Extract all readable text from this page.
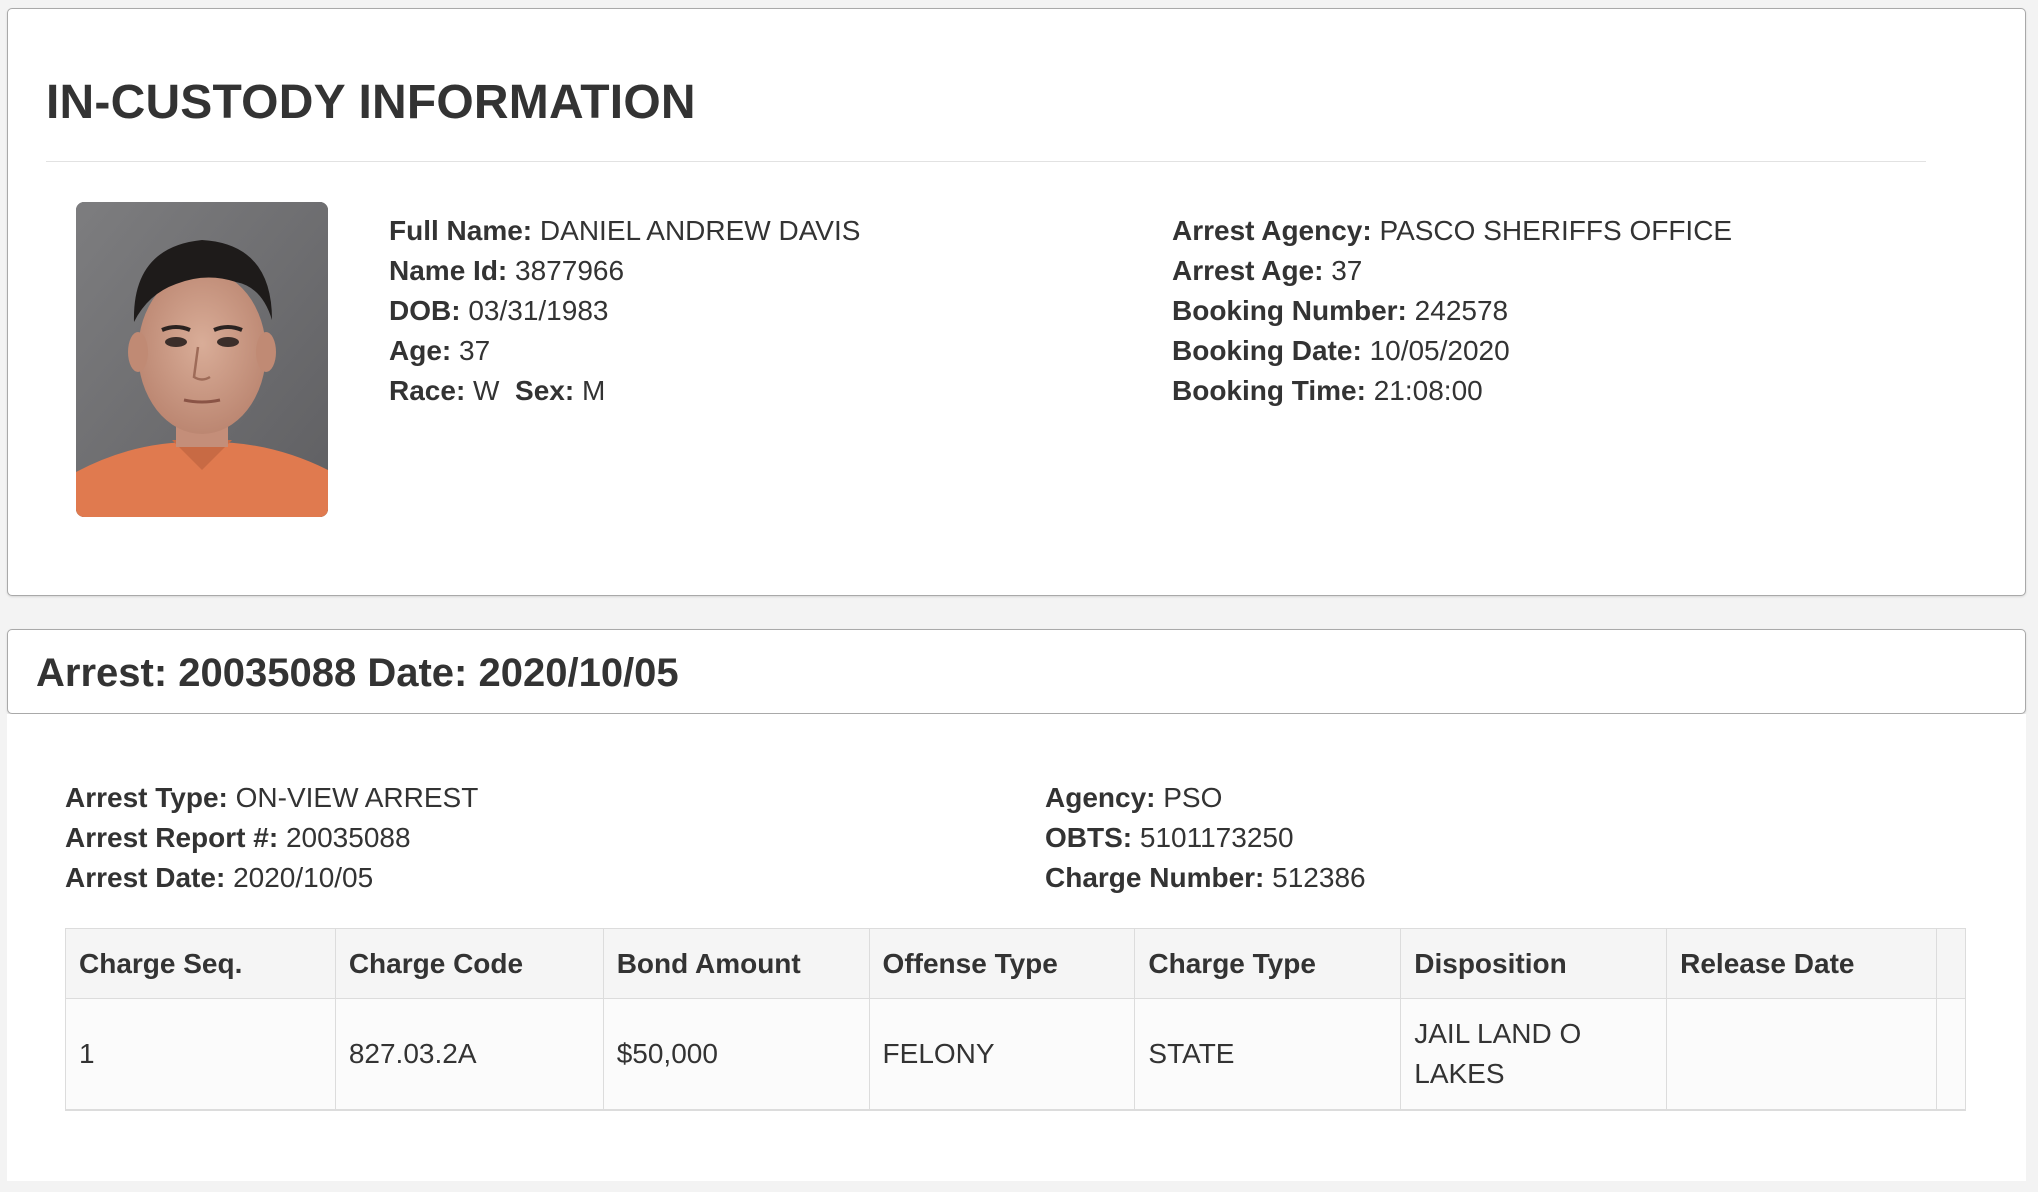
IN-CUSTODY INFORMATION
Full Name: DANIEL ANDREW DAVIS
Name Id: 3877966
DOB: 03/31/1983
Age: 37
Race: W Sex: M
Arrest Agency: PASCO SHERIFFS OFFICE
Arrest Age: 37
Booking Number: 242578
Booking Date: 10/05/2020
Booking Time: 21:08:00
Arrest: 20035088 Date: 2020/10/05
Arrest Type: ON-VIEW ARREST
Arrest Report #: 20035088
Arrest Date: 2020/10/05
Agency: PSO
OBTS: 5101173250
Charge Number: 512386
Charge Seq.	Charge Code	Bond Amount	Offense Type	Charge Type	Disposition	Release Date	
1	827.03.2A	$50,000	FELONY	STATE	JAIL LAND O LAKES		
